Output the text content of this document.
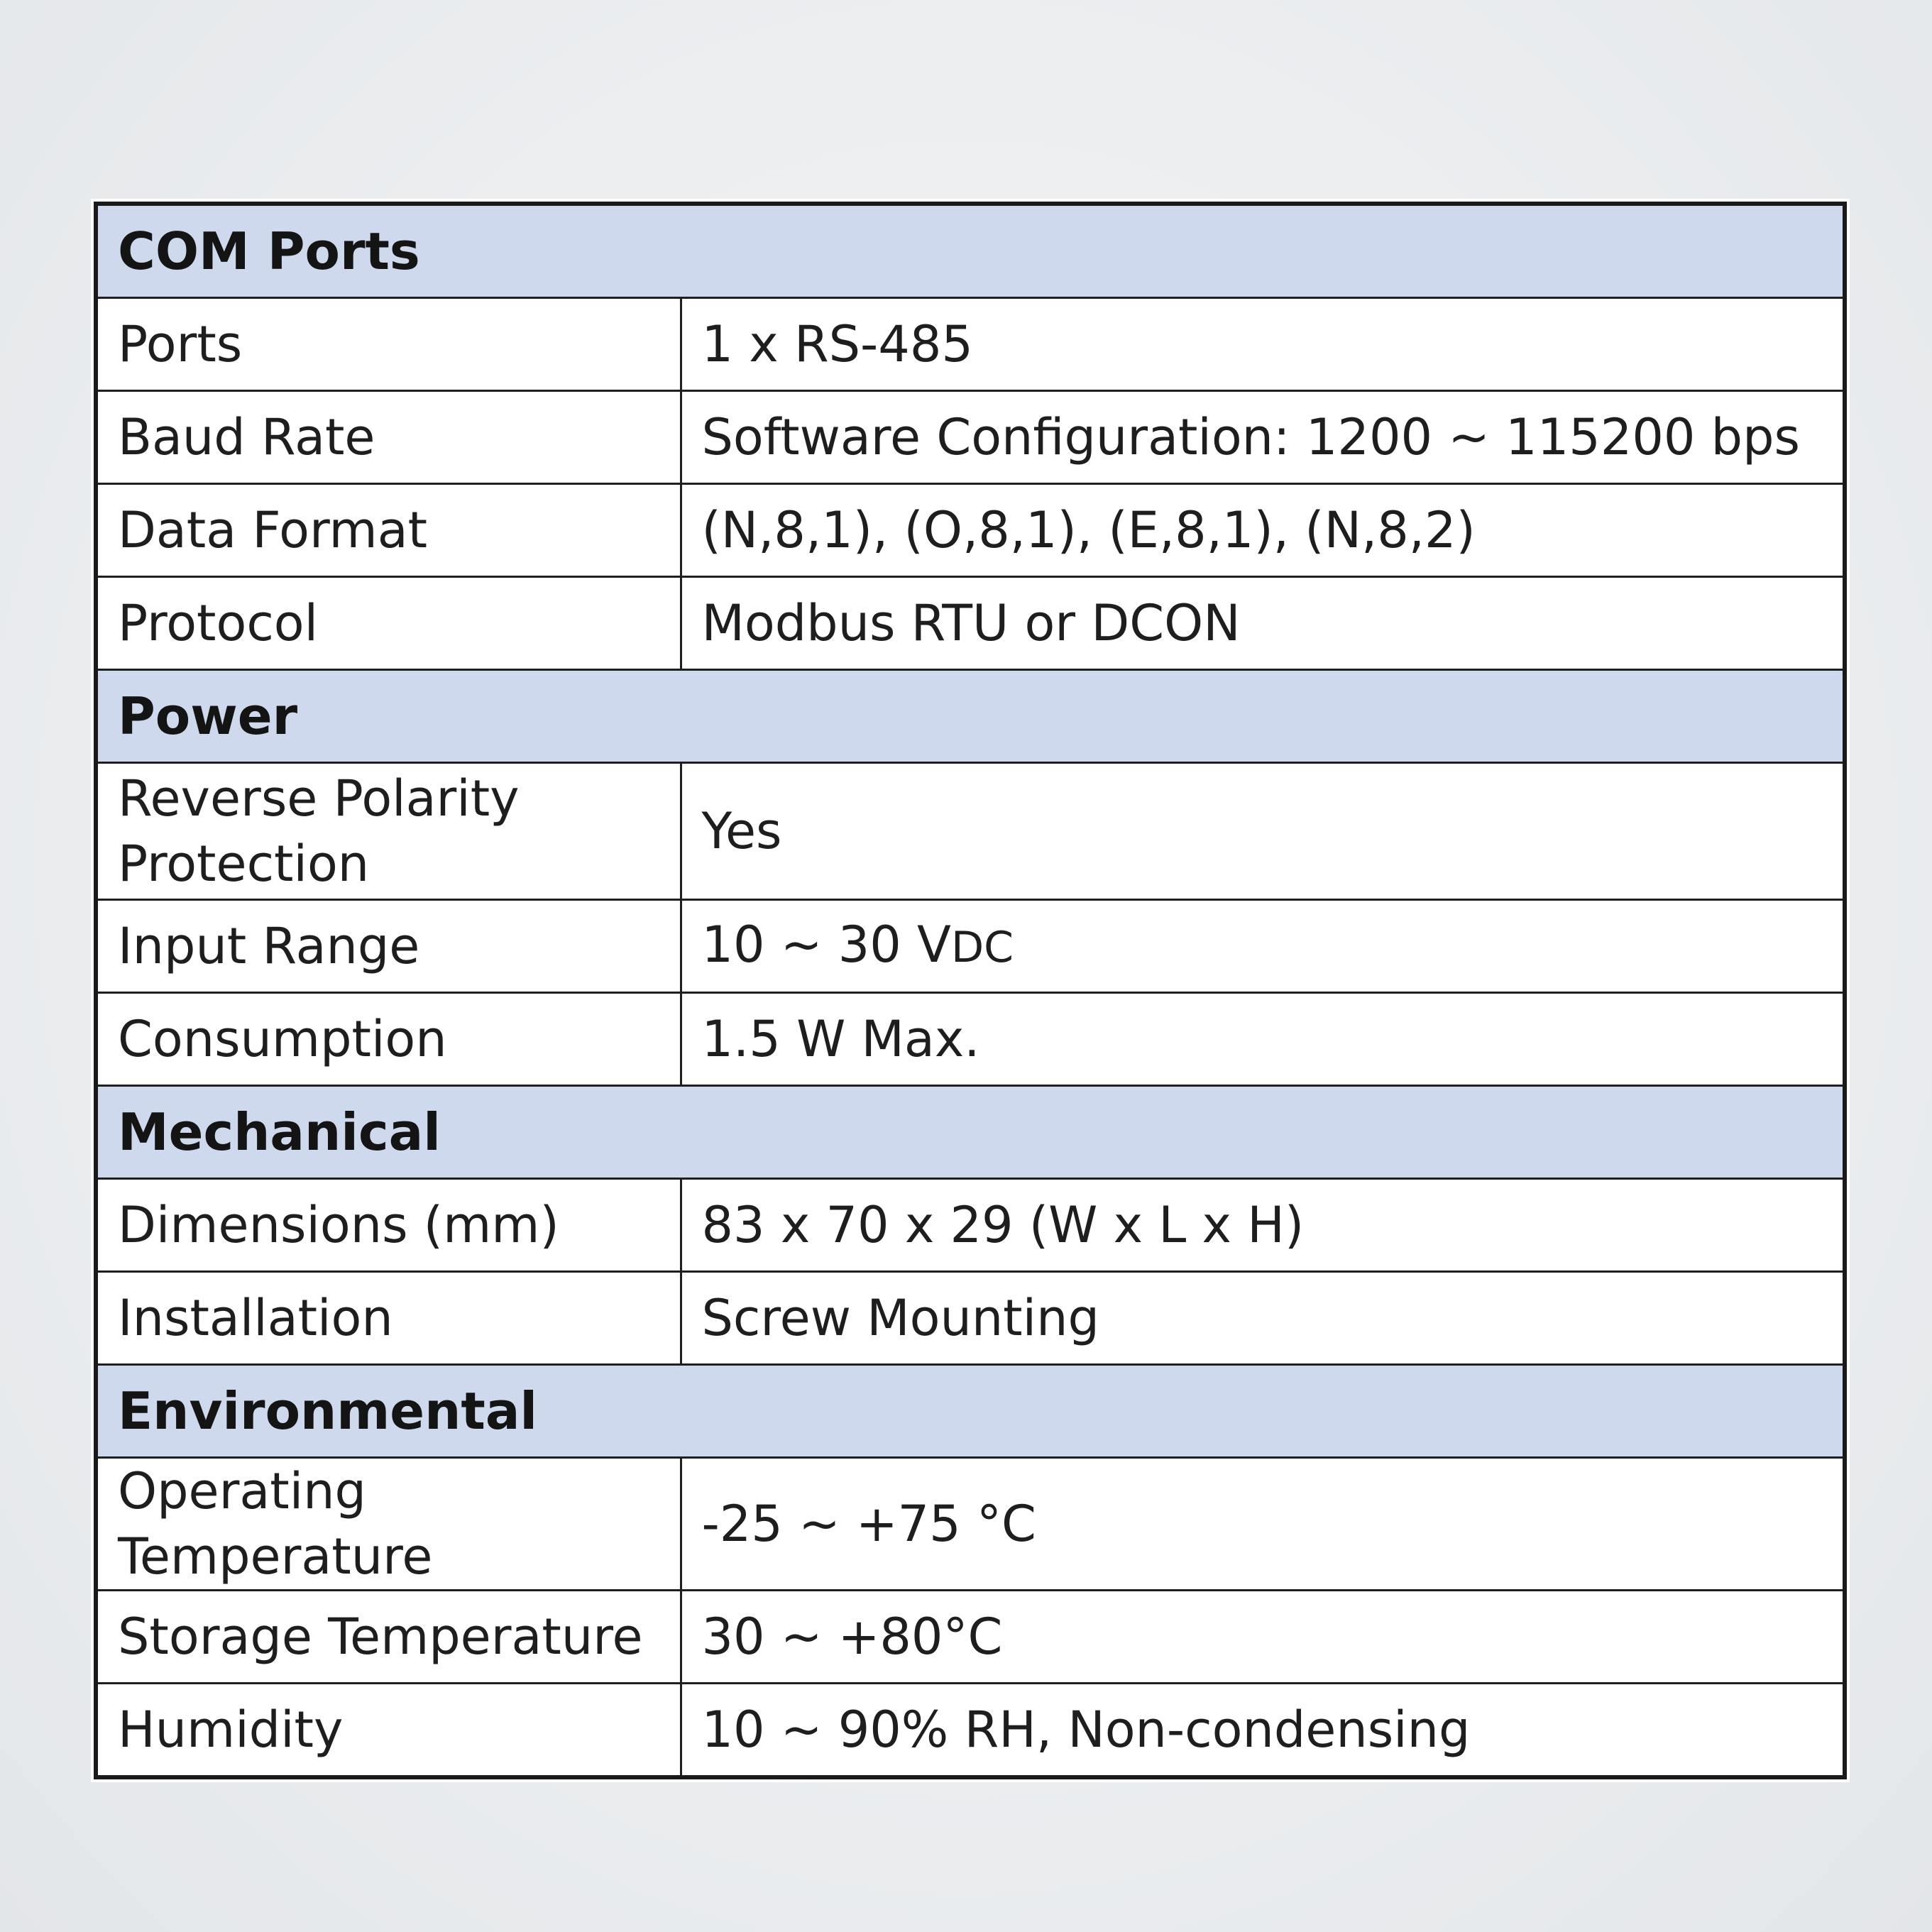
COM Ports	
Ports	1 x RS-485
Baud Rate	Software Configuration: 1200 ~ 115200 bps
Data Format	(N,8,1), (O,8,1), (E,8,1), (N,8,2)
Protocol	Modbus RTU or DCON
Power	
Reverse Polarity Protection	Yes
Input Range	10 ~ 30 VDC
Consumption	1.5 W Max.
Mechanical	
Dimensions (mm)	83 x 70 x 29 (W x L x H)
Installation	Screw Mounting
Environmental	
Operating Temperature	-25 ~ +75 °C
Storage Temperature	30 ~ +80°C
Humidity	10 ~ 90% RH, Non-condensing
